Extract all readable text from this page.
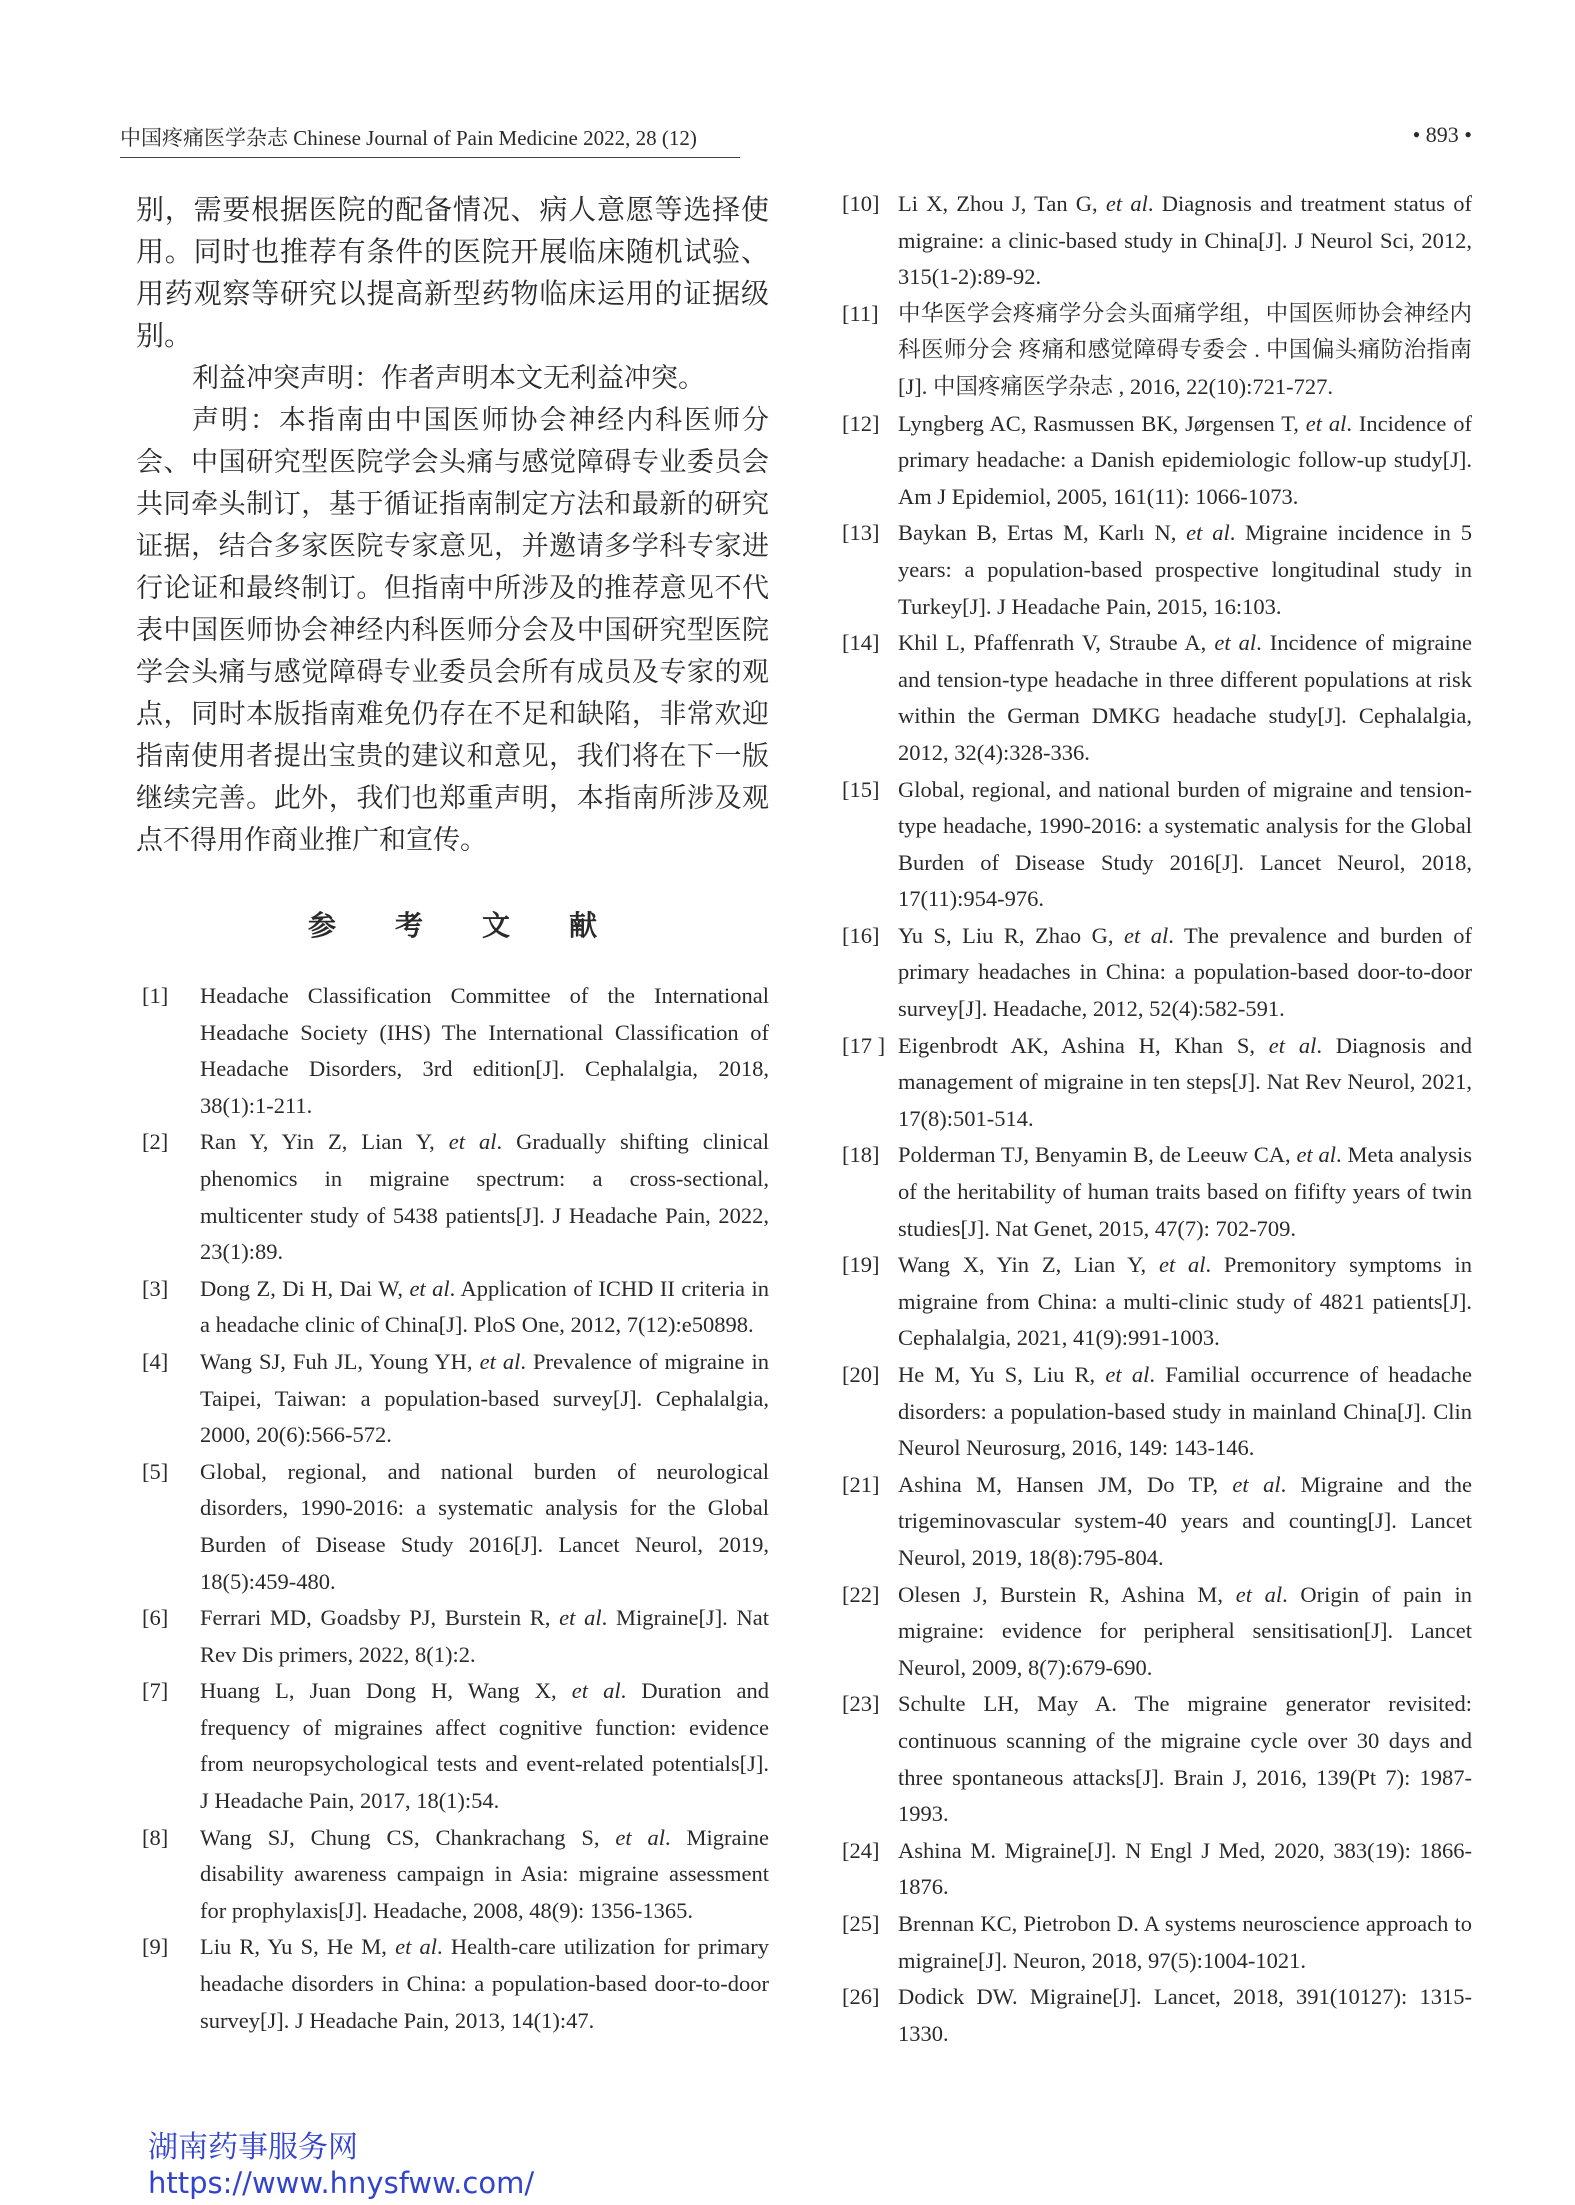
中国疼痛医学杂志 Chinese Journal of Pain Medicine 2022, 28 (12)	• 893 •

别，需要根据医院的配备情况、病人意愿等选择使用。同时也推荐有条件的医院开展临床随机试验、用药观察等研究以提高新型药物临床运用的证据级别。

利益冲突声明：作者声明本文无利益冲突。

声明：本指南由中国医师协会神经内科医师分会、中国研究型医院学会头痛与感觉障碍专业委员会共同牵头制订，基于循证指南制定方法和最新的研究证据，结合多家医院专家意见，并邀请多学科专家进行论证和最终制订。但指南中所涉及的推荐意见不代表中国医师协会神经内科医师分会及中国研究型医院学会头痛与感觉障碍专业委员会所有成员及专家的观点，同时本版指南难免仍存在不足和缺陷，非常欢迎指南使用者提出宝贵的建议和意见，我们将在下一版继续完善。此外，我们也郑重声明，本指南所涉及观点不得用作商业推广和宣传。

参 考 文 献
[1]	Headache Classification Committee of the International Headache Society (IHS) The International Classification of Headache Disorders, 3rd edition[J]. Cephalalgia, 2018, 38(1):1-211.
[2]	Ran Y, Yin Z, Lian Y, et al. Gradually shifting clinical phenomics in migraine spectrum: a cross-sectional, multicenter study of 5438 patients[J]. J Headache Pain, 2022, 23(1):89.
[3]	Dong Z, Di H, Dai W, et al. Application of ICHD II criteria in a headache clinic of China[J]. PloS One, 2012, 7(12):e50898.
[4]	Wang SJ, Fuh JL, Young YH, et al. Prevalence of migraine in Taipei, Taiwan: a population-based survey[J]. Cephalalgia, 2000, 20(6):566-572.
[5]	Global, regional, and national burden of neurological disorders, 1990-2016: a systematic analysis for the Global Burden of Disease Study 2016[J]. Lancet Neurol, 2019, 18(5):459-480.
[6]	Ferrari MD, Goadsby PJ, Burstein R, et al. Migraine[J]. Nat Rev Dis primers, 2022, 8(1):2.
[7]	Huang L, Juan Dong H, Wang X, et al. Duration and frequency of migraines affect cognitive function: evidence from neuropsychological tests and event-related potentials[J]. J Headache Pain, 2017, 18(1):54.
[8]	Wang SJ, Chung CS, Chankrachang S, et al. Migraine disability awareness campaign in Asia: migraine assessment for prophylaxis[J]. Headache, 2008, 48(9): 1356-1365.
[9]	Liu R, Yu S, He M, et al. Health-care utilization for primary headache disorders in China: a population-based door-to-door survey[J]. J Headache Pain, 2013, 14(1):47.
[10] Li X, Zhou J, Tan G, et al. Diagnosis and treatment status of migraine: a clinic-based study in China[J]. J Neurol Sci, 2012, 315(1-2):89-92.
[11] 中华医学会疼痛学分会头面痛学组，中国医师协会神经内科医师分会 疼痛和感觉障碍专委会 . 中国偏头痛防治指南 [J]. 中国疼痛医学杂志 , 2016, 22(10):721-727.
[12] Lyngberg AC, Rasmussen BK, Jørgensen T, et al. Incidence of primary headache: a Danish epidemiologic follow-up study[J]. Am J Epidemiol, 2005, 161(11): 1066-1073.
[13] Baykan B, Ertas M, Karlı N, et al. Migraine incidence in 5 years: a population-based prospective longitudinal study in Turkey[J]. J Headache Pain, 2015, 16:103.
[14] Khil L, Pfaffenrath V, Straube A, et al. Incidence of migraine and tension-type headache in three different populations at risk within the German DMKG headache study[J]. Cephalalgia, 2012, 32(4):328-336.
[15] Global, regional, and national burden of migraine and tension-type headache, 1990-2016: a systematic analysis for the Global Burden of Disease Study 2016[J]. Lancet Neurol, 2018, 17(11):954-976.
[16] Yu S, Liu R, Zhao G, et al. The prevalence and burden of primary headaches in China: a population-based door-to-door survey[J]. Headache, 2012, 52(4):582-591.
[17 ] Eigenbrodt AK, Ashina H, Khan S, et al. Diagnosis and management of migraine in ten steps[J]. Nat Rev Neurol, 2021, 17(8):501-514.
[18] Polderman TJ, Benyamin B, de Leeuw CA, et al. Meta analysis of the heritability of human traits based on fififty years of twin studies[J]. Nat Genet, 2015, 47(7): 702-709.
[19] Wang X, Yin Z, Lian Y, et al. Premonitory symptoms in migraine from China: a multi-clinic study of 4821 patients[J]. Cephalalgia, 2021, 41(9):991-1003.
[20] He M, Yu S, Liu R, et al. Familial occurrence of headache disorders: a population-based study in mainland China[J]. Clin Neurol Neurosurg, 2016, 149: 143-146.
[21] Ashina M, Hansen JM, Do TP, et al. Migraine and the trigeminovascular system-40 years and counting[J]. Lancet Neurol, 2019, 18(8):795-804.
[22] Olesen J, Burstein R, Ashina M, et al. Origin of pain in migraine: evidence for peripheral sensitisation[J]. Lancet Neurol, 2009, 8(7):679-690.
[23] Schulte LH, May A. The migraine generator revisited: continuous scanning of the migraine cycle over 30 days and three spontaneous attacks[J]. Brain J, 2016, 139(Pt 7): 1987-1993.
[24] Ashina M. Migraine[J]. N Engl J Med, 2020, 383(19): 1866-1876.
[25] Brennan KC, Pietrobon D. A systems neuroscience approach to migraine[J]. Neuron, 2018, 97(5):1004-1021.
[26] Dodick DW. Migraine[J]. Lancet, 2018, 391(10127): 1315-1330.
湖南药事服务网
https://www.hnysfww.com/
